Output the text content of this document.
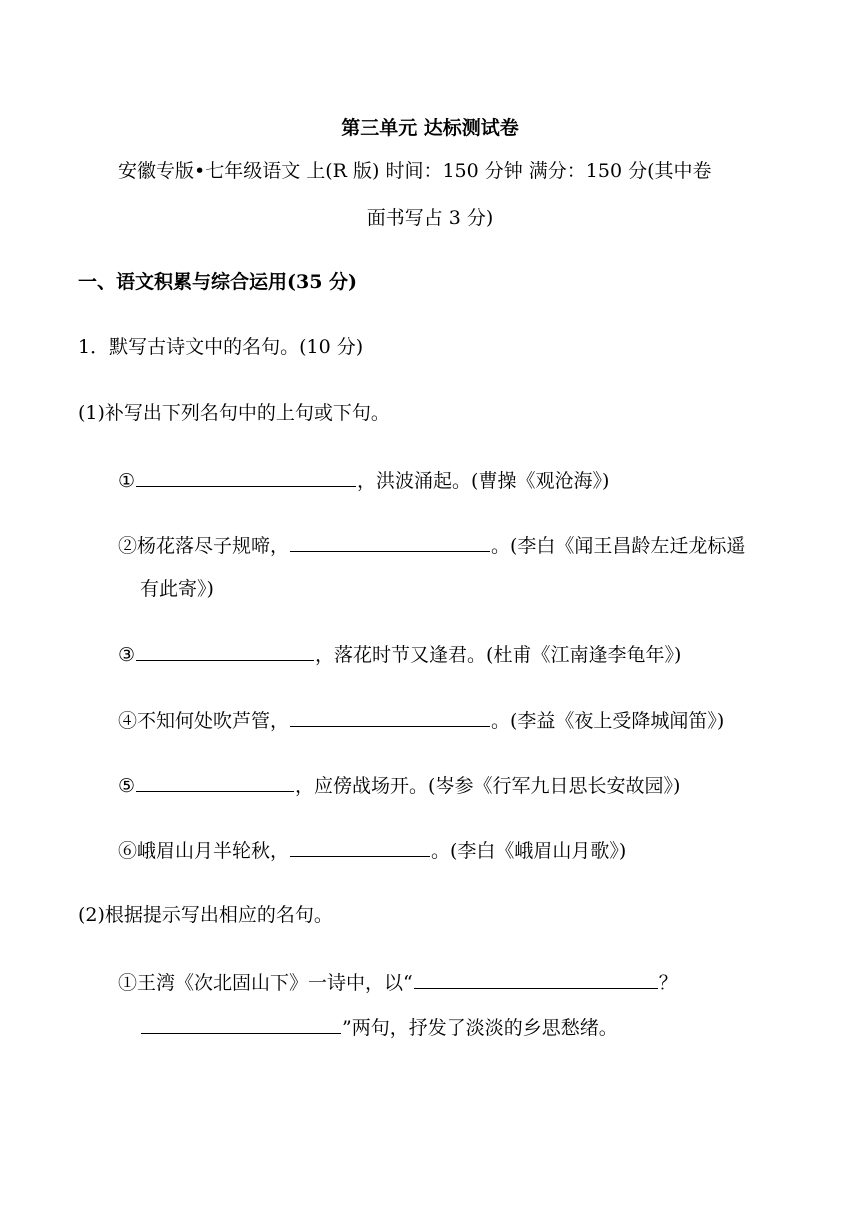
第三单元 达标测试卷
安徽专版•七年级语文 上(R 版) 时间：150 分钟 满分：150 分(其中卷
面书写占 3 分)
一、语文积累与综合运用(35 分)
1．默写古诗文中的名句。(10 分)
(1)补写出下列名句中的上句或下句。
①	，洪波涌起。(曹操《观沧海》)
②杨花落尽子规啼，	。(李白《闻王昌龄左迁龙标遥
有此寄》)
③	，落花时节又逢君。(杜甫《江南逢李龟年》)
④不知何处吹芦管，	。(李益《夜上受降城闻笛》)
⑤	，应傍战场开。(岑参《行军九日思长安故园》)
⑥峨眉山月半轮秋，	。(李白《峨眉山月歌》)
(2)根据提示写出相应的名句。
①王湾《次北固山下》一诗中，以“	？
”两句，抒发了淡淡的乡思愁绪。
